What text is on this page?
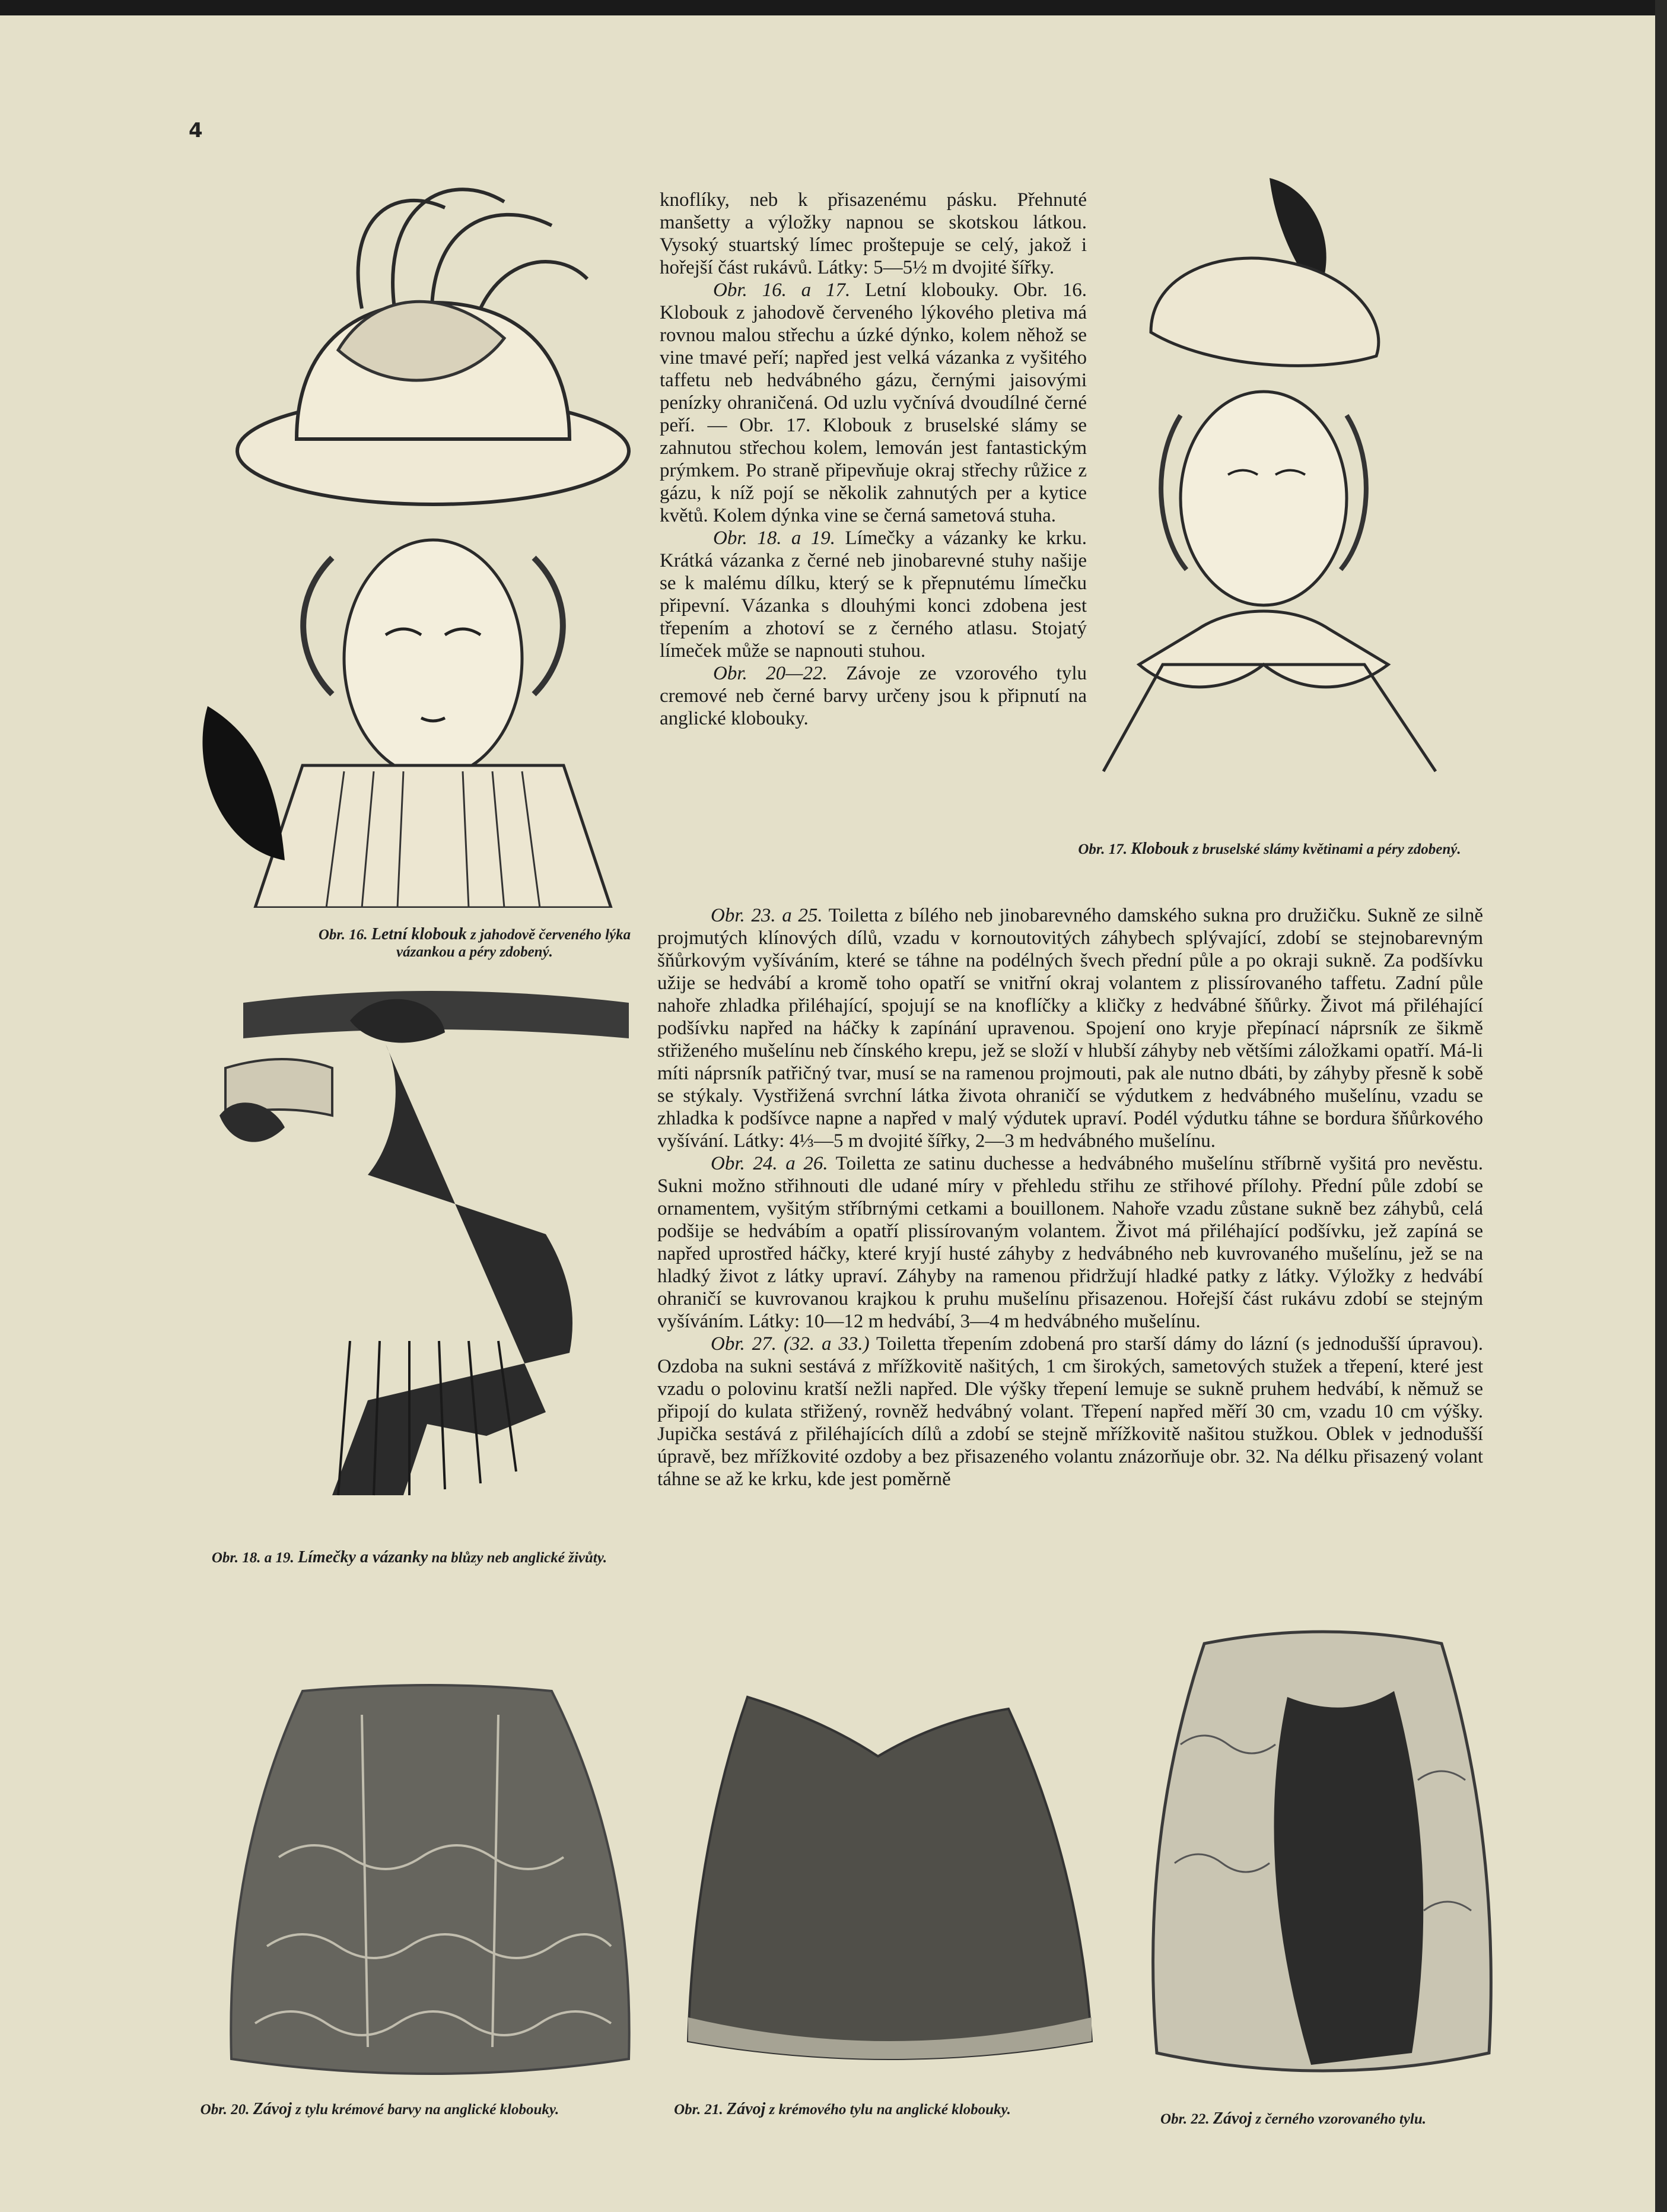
4
Obr. 16. Letní klobouk z jahodově červeného lýka vázankou a péry zdobený.
Obr. 18. a 19. Límečky a vázanky na blůzy neb anglické živůty.
Obr. 17. Klobouk z bruselské slámy květinami a péry zdobený.

knoflíky, neb k přisazenému pásku. Přehnuté manšetty a výložky napnou se skotskou látkou. Vysoký stuartský límec proštepuje se celý, jakož i hořejší část rukávů. Látky: 5—5½ m dvojité šířky.

Obr. 16. a 17. Letní klobouky. Obr. 16. Klobouk z jahodově červeného lýkového pletiva má rovnou malou střechu a úzké dýnko, kolem něhož se vine tmavé peří; napřed jest velká vázanka z vyšitého taffetu neb hedvábného gázu, černými jaisovými penízky ohraničená. Od uzlu vyčnívá dvoudílné černé peří. — Obr. 17. Klobouk z bruselské slámy se zahnutou střechou kolem, lemován jest fantastickým prýmkem. Po straně připevňuje okraj střechy růžice z gázu, k níž pojí se několik zahnutých per a kytice květů. Kolem dýnka vine se černá sametová stuha.

Obr. 18. a 19. Límečky a vázanky ke krku. Krátká vázanka z černé neb jinobarevné stuhy našije se k malému dílku, který se k přepnutému límečku připevní. Vázanka s dlouhými konci zdobena jest třepením a zhotoví se z černého atlasu. Stojatý límeček může se napnouti stuhou.

Obr. 20—22. Závoje ze vzorového tylu cremové neb černé barvy určeny jsou k připnutí na anglické klobouky.

Obr. 23. a 25. Toiletta z bílého neb jinobarevného damského sukna pro družičku. Sukně ze silně projmutých klínových dílů, vzadu v kornoutovitých záhybech splývající, zdobí se stejnobarevným šňůrkovým vyšíváním, které se táhne na podélných švech přední půle a po okraji sukně. Za podšívku užije se hedvábí a kromě toho opatří se vnitřní okraj volantem z plissírovaného taffetu. Zadní půle nahoře zhladka přiléhající, spojují se na knoflíčky a kličky z hedvábné šňůrky. Život má přiléhající podšívku napřed na háčky k zapínání upravenou. Spojení ono kryje přepínací náprsník ze šikmě střiženého mušelínu neb čínského krepu, jež se složí v hlubší záhyby neb většími záložkami opatří. Má-li míti náprsník patřičný tvar, musí se na ramenou projmouti, pak ale nutno dbáti, by záhyby přesně k sobě se stýkaly. Vystřižená svrchní látka života ohraničí se výdutkem z hedvábného mušelínu, vzadu se zhladka k podšívce napne a napřed v malý výdutek upraví. Podél výdutku táhne se bordura šňůrkového vyšívání. Látky: 4⅓—5 m dvojité šířky, 2—3 m hedvábného mušelínu.

Obr. 24. a 26. Toiletta ze satinu duchesse a hedvábného mušelínu stříbrně vyšitá pro nevěstu. Sukni možno střihnouti dle udané míry v přehledu střihu ze střihové přílohy. Přední půle zdobí se ornamentem, vyšitým stříbrnými cetkami a bouillonem. Nahoře vzadu zůstane sukně bez záhybů, celá podšije se hedvábím a opatří plissírovaným volantem. Život má přiléhající podšívku, jež zapíná se napřed uprostřed háčky, které kryjí husté záhyby z hedvábného neb kuvrovaného mušelínu, jež se na hladký život z látky upraví. Záhyby na ramenou přidržují hladké patky z látky. Výložky z hedvábí ohraničí se kuvrovanou krajkou k pruhu mušelínu přisazenou. Hořejší část rukávu zdobí se stejným vyšíváním. Látky: 10—12 m hedvábí, 3—4 m hedvábného mušelínu.

Obr. 27. (32. a 33.) Toiletta třepením zdobená pro starší dámy do lázní (s jednodušší úpravou). Ozdoba na sukni sestává z mřížkovitě našitých, 1 cm širokých, sametových stužek a třepení, které jest vzadu o polovinu kratší nežli napřed. Dle výšky třepení lemuje se sukně pruhem hedvábí, k němuž se připojí do kulata střižený, rovněž hedvábný volant. Třepení napřed měří 30 cm, vzadu 10 cm výšky. Jupička sestává z přiléhajících dílů a zdobí se stejně mřížkovitě našitou stužkou. Oblek v jednodušší úpravě, bez mřížkovité ozdoby a bez přisazeného volantu znázorňuje obr. 32. Na délku přisazený volant táhne se až ke krku, kde jest poměrně

Obr. 20. Závoj z tylu krémové barvy na anglické klobouky.	Obr. 21. Závoj z krémového tylu na anglické klobouky.
Obr. 22. Závoj z černého vzorovaného tylu.
